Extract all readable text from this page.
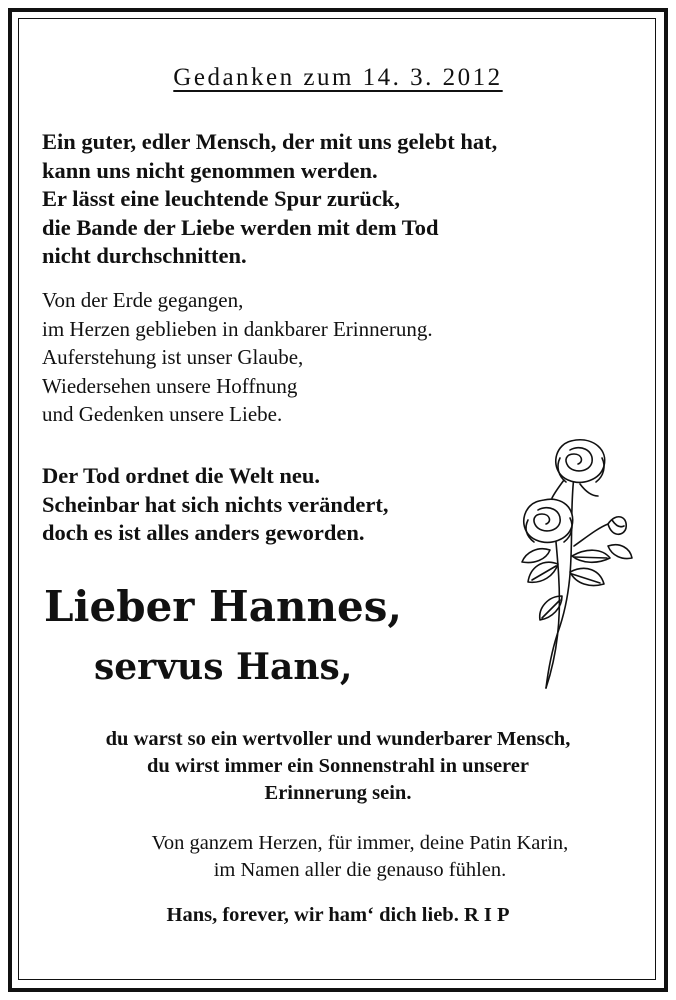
Gedanken zum 14. 3. 2012
Ein guter, edler Mensch, der mit uns gelebt hat,
kann uns nicht genommen werden.
Er lässt eine leuchtende Spur zurück,
die Bande der Liebe werden mit dem Tod
nicht durchschnitten.
Von der Erde gegangen,
im Herzen geblieben in dankbarer Erinnerung.
Auferstehung ist unser Glaube,
Wiedersehen unsere Hoffnung
und Gedenken unsere Liebe.
Der Tod ordnet die Welt neu.
Scheinbar hat sich nichts verändert,
doch es ist alles anders geworden.
Lieber Hannes,
servus Hans,
du warst so ein wertvoller und wunderbarer Mensch,
du wirst immer ein Sonnenstrahl in unserer
Erinnerung sein.
Von ganzem Herzen, für immer, deine Patin Karin,
im Namen aller die genauso fühlen.
Hans, forever, wir ham‘ dich lieb. R I P
